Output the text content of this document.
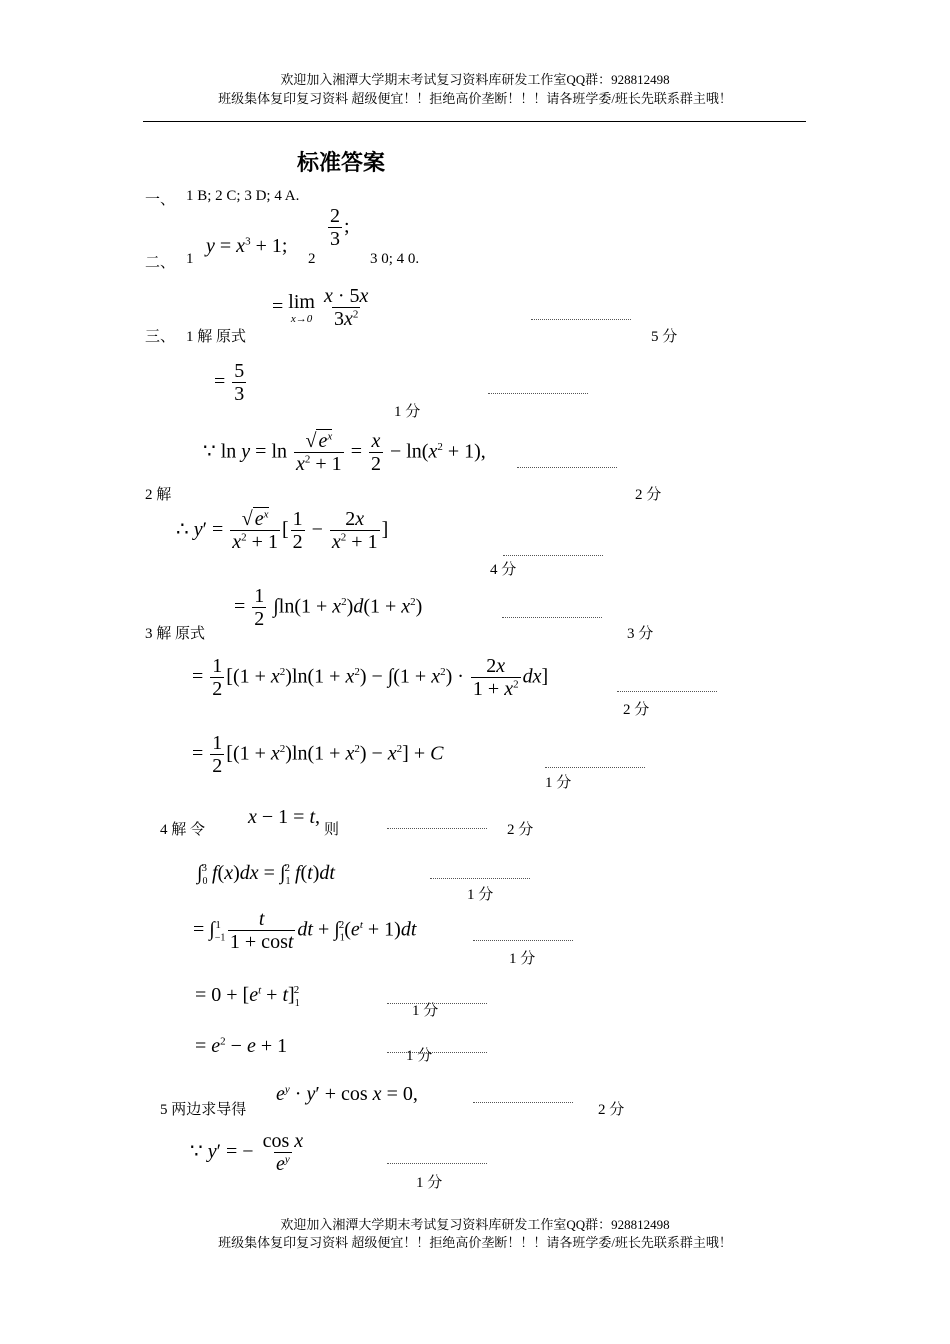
欢迎加入湘潭大学期末考试复习资料库研发工作室QQ群：928812498
班级集体复印复习资料 超级便宜！！拒绝高价垄断！！！请各班学委/班长先联系群主哦！
标准答案
一、 1 B; 2 C; 3 D; 4 A.
二、 1
$y = x^3 + 1$;
2
$\frac{2}{3}$ ;
3 0; 4 0.
三、 1 解 原式
= lim
x→0
$\frac{x \cdot 5x}{3x^2}$
5 分
= $\frac{5}{3}$
1 分
∵ $\ln y = \ln \frac{√ e^x}{x^2 + 1} = \frac{x}{2} - \ln(x^2 + 1)$,
2 解	2 分
∴ $y' = \frac{√ e^x}{x^2 + 1}$ [ $\frac{1}{2} - \frac{2x}{x^2 + 1}$ ]
4 分
= $\frac{1}{2} \int\ln(1 + x^2)d(1 + x^2)$
3 解 原式	3 分
= $\frac{1}{2} [(1 + x^2)\ln(1 + x^2) - \int(1 + x^2) \cdot \frac{2x}{1 + x^2} dx]$
2 分
= $\frac{1}{2} [(1 + x^2)\ln(1 + x^2) - x^2] + C$
1 分
4 解 令
x − 1 = t,
则	2 分
$\int_0^3$ $f(x)dx = \int_1^2$ f(t)dt
1 分
= $\int_{-1}^1 \frac{t}{1 + \cos t}$ dt + $\int_1^2(e^t + 1)dt$
1 分
= $0 + [e^t + t]_1^2$
1 分
= $e^2 - e + 1$	1 分
5 两边求导得
$e^y \cdot y' + \cos x = 0$,
2 分
∵ y′ = − $\frac{\text{cos x}}{e^y}$
1 分
欢迎加入湘潭大学期末考试复习资料库研发工作室QQ群：928812498
班级集体复印复习资料 超级便宜！！拒绝高价垄断！！！请各班学委/班长先联系群主哦！
